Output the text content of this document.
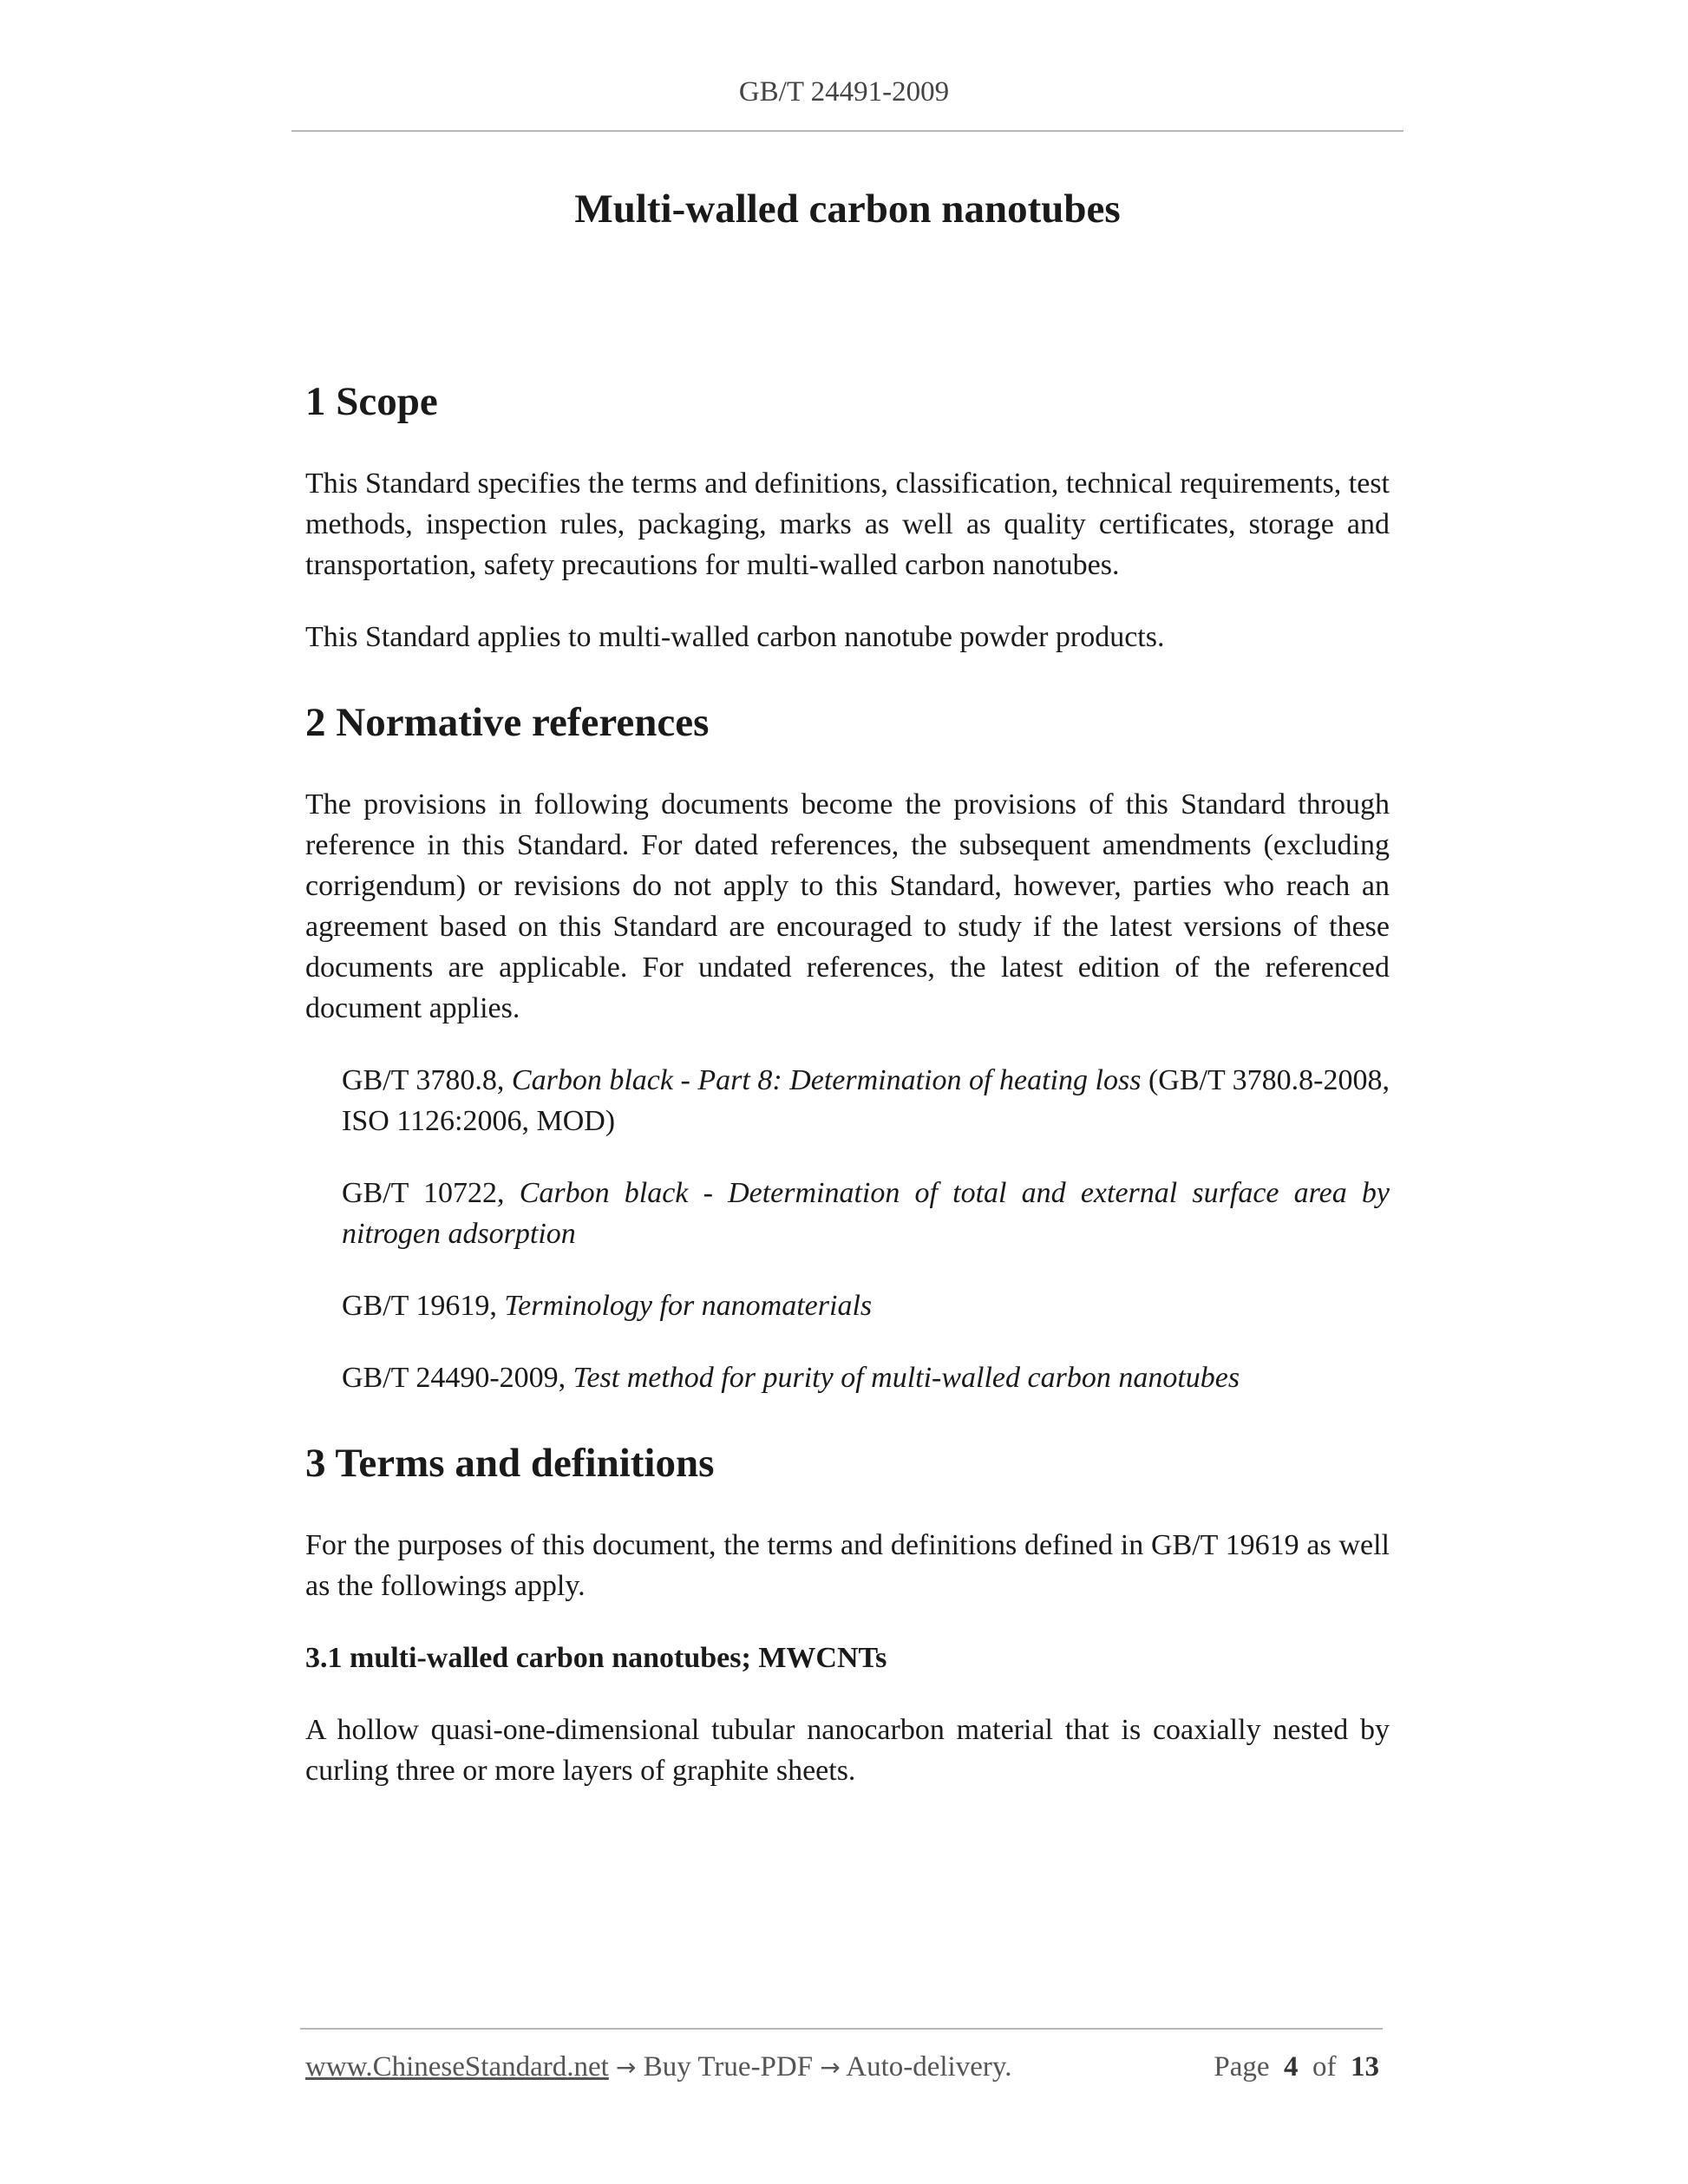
GB/T 24491-2009
Multi-walled carbon nanotubes
1 Scope

This Standard specifies the terms and definitions, classification, technical requirements, test methods, inspection rules, packaging, marks as well as quality certificates, storage and transportation, safety precautions for multi-walled carbon nanotubes.

This Standard applies to multi-walled carbon nanotube powder products.

2 Normative references

The provisions in following documents become the provisions of this Standard through reference in this Standard. For dated references, the subsequent amendments (excluding corrigendum) or revisions do not apply to this Standard, however, parties who reach an agreement based on this Standard are encouraged to study if the latest versions of these documents are applicable. For undated references, the latest edition of the referenced document applies.

GB/T 3780.8, Carbon black - Part 8: Determination of heating loss (GB/T 3780.8-2008, ISO 1126:2006, MOD)
GB/T 10722, Carbon black - Determination of total and external surface area by nitrogen adsorption
GB/T 19619, Terminology for nanomaterials
GB/T 24490-2009, Test method for purity of multi-walled carbon nanotubes
3 Terms and definitions

For the purposes of this document, the terms and definitions defined in GB/T 19619 as well as the followings apply.

3.1 multi-walled carbon nanotubes; MWCNTs

A hollow quasi-one-dimensional tubular nanocarbon material that is coaxially nested by curling three or more layers of graphite sheets.

www.ChineseStandard.net → Buy True-PDF → Auto-delivery.	Page 4 of 13
